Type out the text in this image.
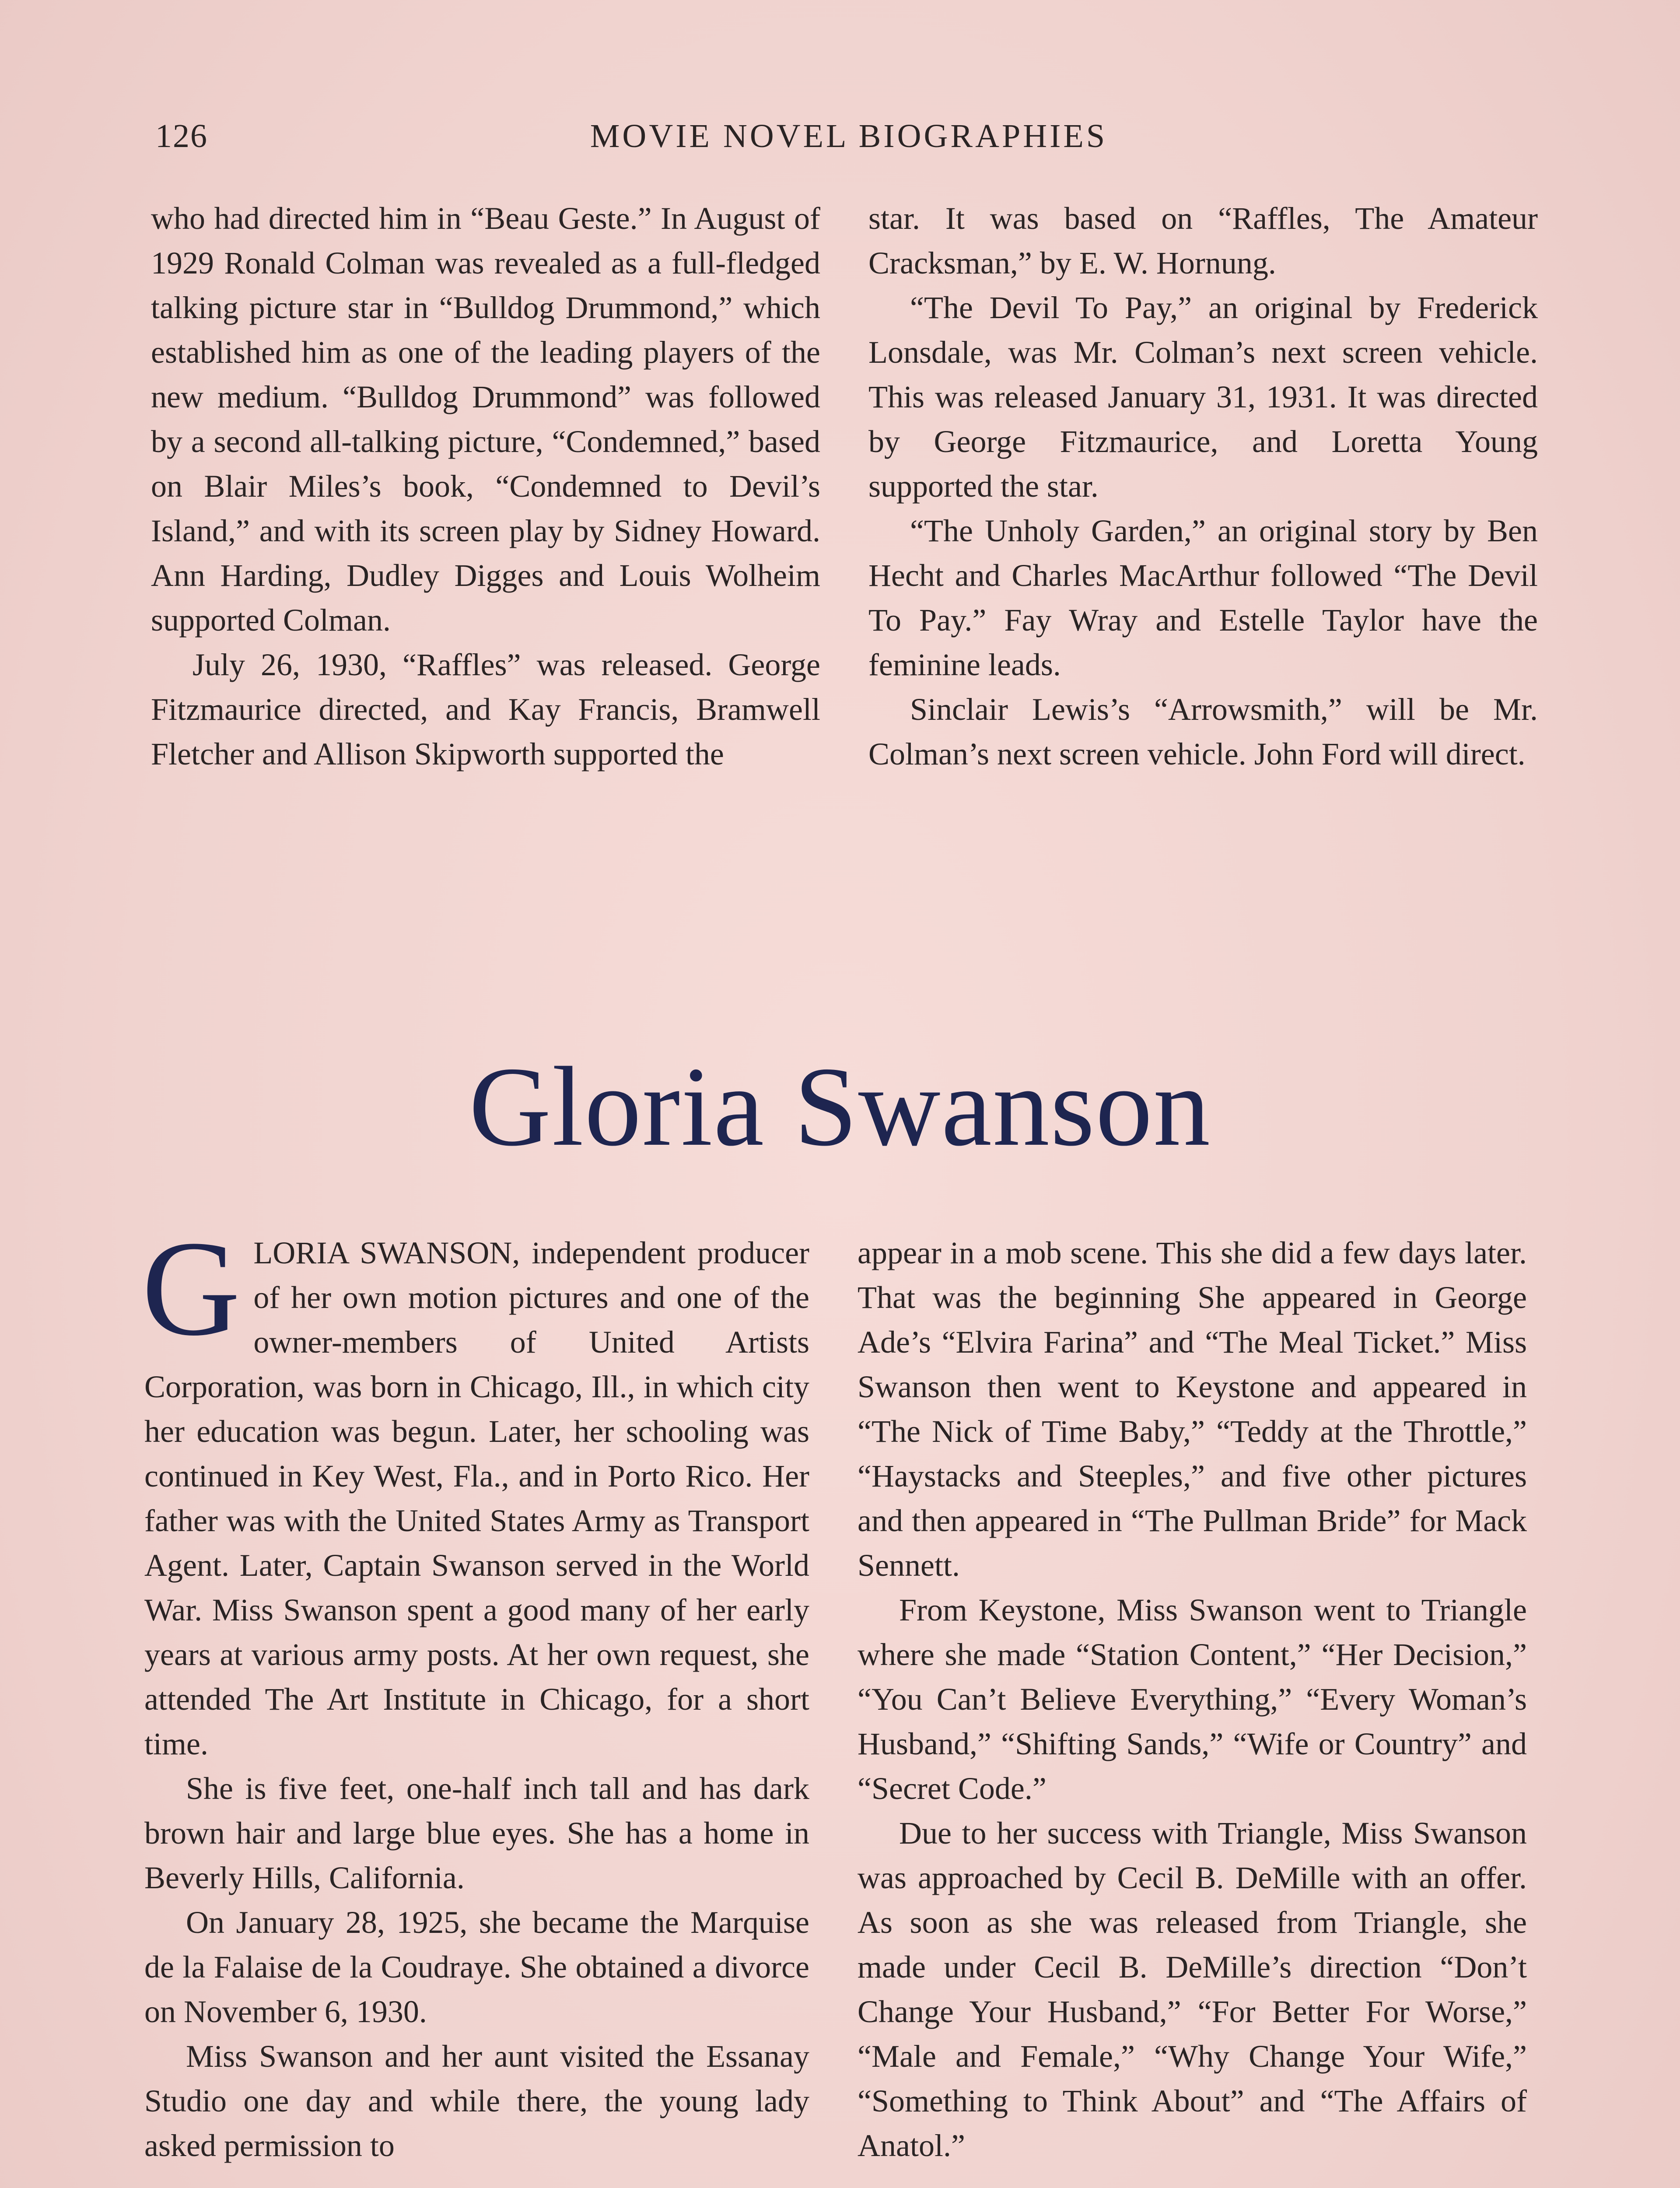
126	MOVIE NOVEL BIOGRAPHIES

who had directed him in “Beau Geste.” In August of 1929 Ronald Colman was revealed as a full-fledged talking picture star in “Bulldog Drummond,” which established him as one of the leading players of the new medium. “Bulldog Drummond” was followed by a second all-talking picture, “Condemned,” based on Blair Miles’s book, “Condemned to Devil’s Island,” and with its screen play by Sidney Howard. Ann Harding, Dudley Digges and Louis Wolheim supported Colman.

July 26, 1930, “Raffles” was released. George Fitzmaurice directed, and Kay Francis, Bramwell Fletcher and Allison Skipworth supported the

star. It was based on “Raffles, The Amateur Cracksman,” by E. W. Hornung.

“The Devil To Pay,” an original by Frederick Lonsdale, was Mr. Colman’s next screen vehicle. This was released January 31, 1931. It was directed by George Fitzmaurice, and Loretta Young supported the star.

“The Unholy Garden,” an original story by Ben Hecht and Charles MacArthur followed “The Devil To Pay.” Fay Wray and Estelle Taylor have the feminine leads.

Sinclair Lewis’s “Arrowsmith,” will be Mr. Colman’s next screen vehicle. John Ford will direct.

Gloria Swanson

GLORIA SWANSON, independent producer of her own motion pictures and one of the owner-members of United Artists Corporation, was born in Chicago, Ill., in which city her education was begun. Later, her schooling was continued in Key West, Fla., and in Porto Rico. Her father was with the United States Army as Transport Agent. Later, Captain Swanson served in the World War. Miss Swanson spent a good many of her early years at various army posts. At her own request, she attended The Art Institute in Chicago, for a short time.

She is five feet, one-half inch tall and has dark brown hair and large blue eyes. She has a home in Beverly Hills, California.

On January 28, 1925, she became the Marquise de la Falaise de la Coudraye. She obtained a divorce on November 6, 1930.

Miss Swanson and her aunt visited the Essanay Studio one day and while there, the young lady asked permission to

appear in a mob scene. This she did a few days later. That was the beginning She appeared in George Ade’s “Elvira Farina” and “The Meal Ticket.” Miss Swanson then went to Keystone and appeared in “The Nick of Time Baby,” “Teddy at the Throttle,” “Haystacks and Steeples,” and five other pictures and then appeared in “The Pullman Bride” for Mack Sennett.

From Keystone, Miss Swanson went to Triangle where she made “Station Content,” “Her Decision,” “You Can’t Believe Everything,” “Every Woman’s Husband,” “Shifting Sands,” “Wife or Country” and “Secret Code.”

Due to her success with Triangle, Miss Swanson was approached by Cecil B. DeMille with an offer. As soon as she was released from Triangle, she made under Cecil B. DeMille’s direction “Don’t Change Your Husband,” “For Better For Worse,” “Male and Female,” “Why Change Your Wife,” “Something to Think About” and “The Affairs of Anatol.”
